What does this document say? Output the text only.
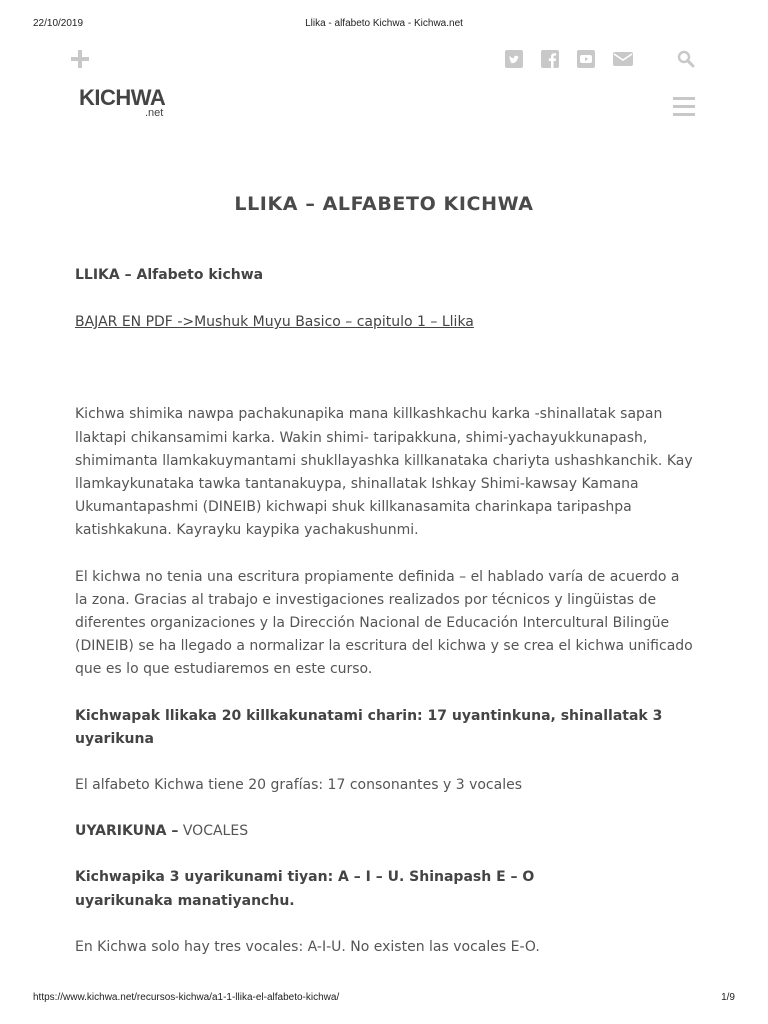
22/10/2019	Llika - alfabeto Kichwa - Kichwa.net
KICHWA
.net
LLIKA – ALFABETO KICHWA

LLIKA – Alfabeto kichwa

BAJAR EN PDF ->Mushuk Muyu Basico – capitulo 1 – Llika

Kichwa shimika nawpa pachakunapika mana killkashkachu karka -shinallatak sapan llaktapi chikansamimi karka. Wakin shimi- taripakkuna, shimi-yachayukkunapash, shimimanta llamkakuymantami shukllayashka killkanataka chariyta ushashkanchik. Kay llamkaykunataka tawka tantanakuypa, shinallatak Ishkay Shimi-kawsay Kamana Ukumantapashmi (DINEIB) kichwapi shuk killkanasamita charinkapa taripashpa katishkakuna. Kayrayku kaypika yachakushunmi.

El kichwa no tenia una escritura propiamente definida – el hablado varía de acuerdo a la zona. Gracias al trabajo e investigaciones realizados por técnicos y lingüistas de diferentes organizaciones y la Dirección Nacional de Educación Intercultural Bilingüe (DINEIB) se ha llegado a normalizar la escritura del kichwa y se crea el kichwa unificado que es lo que estudiaremos en este curso.

Kichwapak llikaka 20 killkakunatami charin: 17 uyantinkuna, shinallatak 3 uyarikuna

El alfabeto Kichwa tiene 20 grafías: 17 consonantes y 3 vocales

UYARIKUNA – VOCALES

Kichwapika 3 uyarikunami tiyan: A – I – U. Shinapash E – O
uyarikunaka manatiyanchu.

En Kichwa solo hay tres vocales: A-I-U. No existen las vocales E-O.

https://www.kichwa.net/recursos-kichwa/a1-1-llika-el-alfabeto-kichwa/	1/9
